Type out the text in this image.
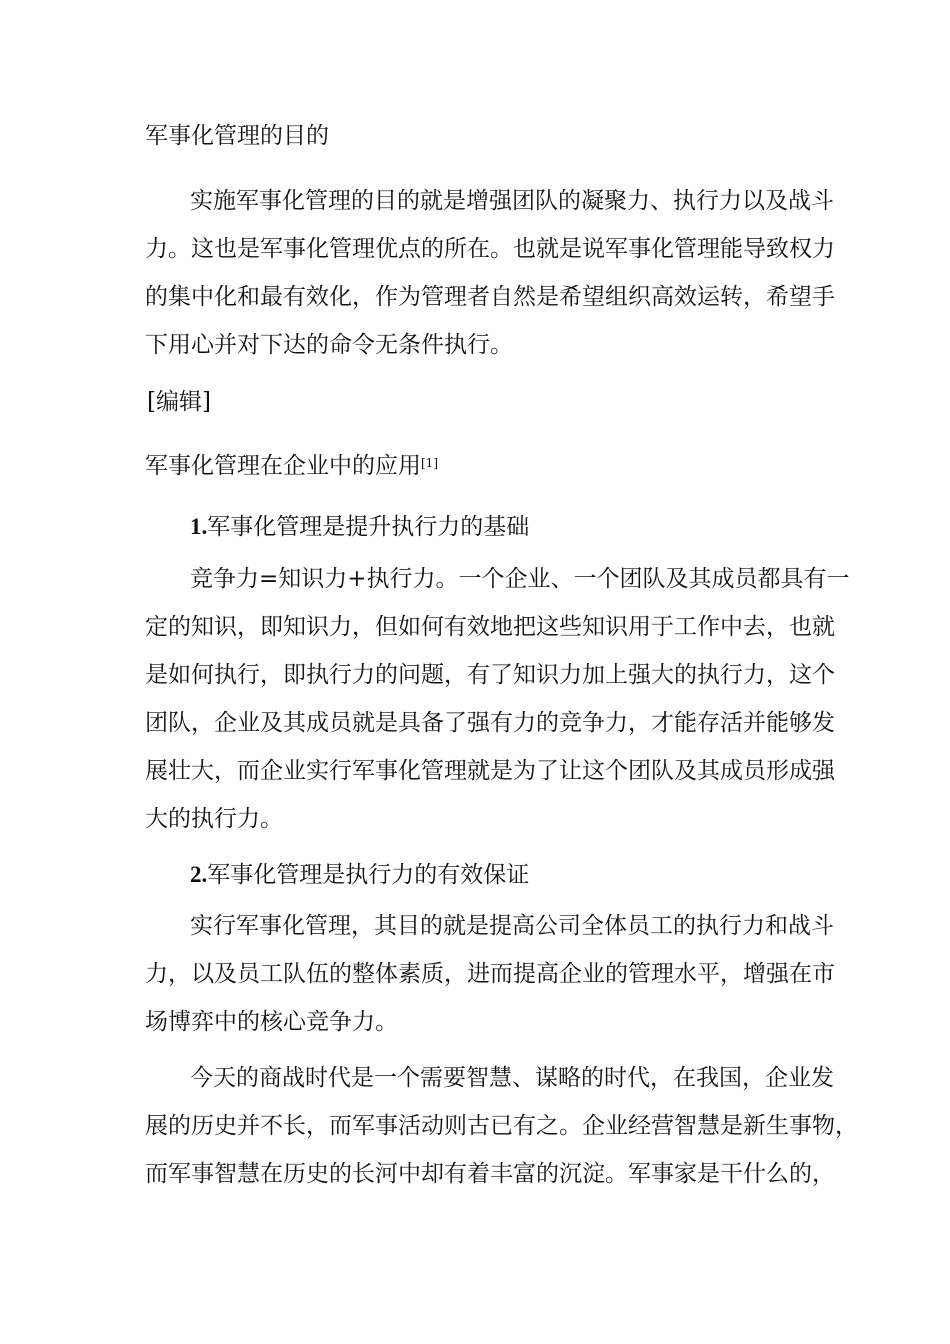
军事化管理的目的
实施军事化管理的目的就是增强团队的凝聚力、执行力以及战斗
力。这也是军事化管理优点的所在。也就是说军事化管理能导致权力
的集中化和最有效化，作为管理者自然是希望组织高效运转，希望手
下用心并对下达的命令无条件执行。
[编辑]
军事化管理在企业中的应用[1]
1.军事化管理是提升执行力的基础
竞争力=知识力+执行力。一个企业、一个团队及其成员都具有一
定的知识，即知识力，但如何有效地把这些知识用于工作中去，也就
是如何执行，即执行力的问题，有了知识力加上强大的执行力，这个
团队，企业及其成员就是具备了强有力的竞争力，才能存活并能够发
展壮大，而企业实行军事化管理就是为了让这个团队及其成员形成强
大的执行力。
2.军事化管理是执行力的有效保证
实行军事化管理，其目的就是提高公司全体员工的执行力和战斗
力，以及员工队伍的整体素质，进而提高企业的管理水平，增强在市
场博弈中的核心竞争力。
今天的商战时代是一个需要智慧、谋略的时代，在我国，企业发
展的历史并不长，而军事活动则古已有之。企业经营智慧是新生事物，
而军事智慧在历史的长河中却有着丰富的沉淀。军事家是干什么的，
